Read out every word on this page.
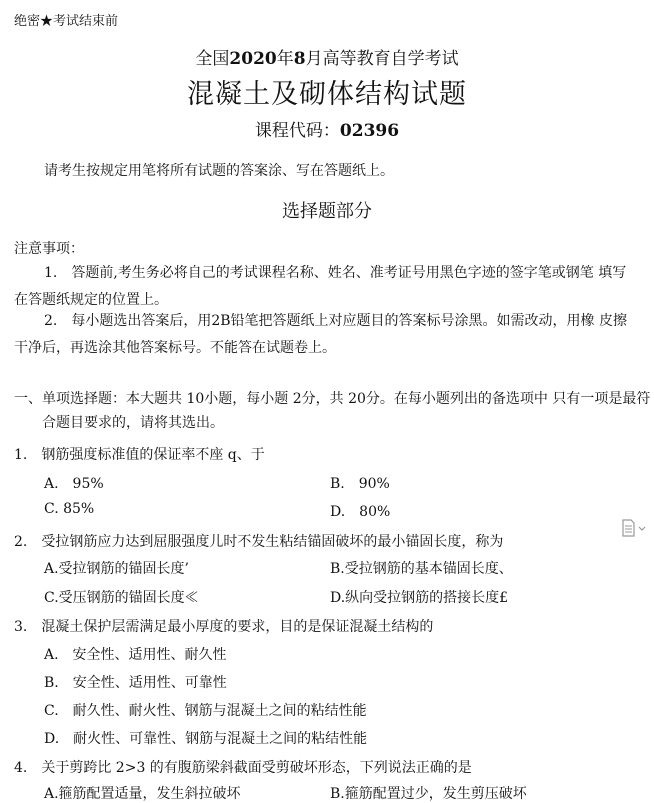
绝密★考试结束前
全国2020年8月高等教育自学考试
混凝土及砌体结构试题
课程代码：02396
请考生按规定用笔将所有试题的答案涂、写在答题纸上。
选择题部分
注意事项：
1.　答题前,考生务必将自己的考试课程名称、姓名、准考证号用黑色字迹的签字笔或钢笔 填写在答题纸规定的位置上。
2.　每小题选出答案后，用2B铅笔把答题纸上对应题目的答案标号涂黑。如需改动，用橡 皮擦干净后，再选涂其他答案标号。不能答在试题卷上。
一、单项选择题：本大题共 10小题，每小题 2分，共 20分。在每小题列出的备选项中 只有一项是最符合题目要求的，请将其选出。
1.　钢筋强度标准值的保证率不座 q、于
A.　95%	B.　90%
C. 85%	D.　80%
2.　受拉钢筋应力达到屈服强度儿时不发生粘结锚固破坏的最小锚固长度，称为
A.受拉钢筋的锚固长度’	B.受拉钢筋的基本锚固长度、
C.受压钢筋的锚固长度≪	D.纵向受拉钢筋的搭接长度£
3.　混凝土保护层需满足最小厚度的要求，目的是保证混凝土结构的
A.　安全性、适用性、耐久性
B.　安全性、适用性、可靠性
C.　耐久性、耐火性、钢筋与混凝土之间的粘结性能
D.　耐火性、可靠性、钢筋与混凝土之间的粘结性能
4.　关于剪跨比 2>3 的有腹筋梁斜截面受剪破坏形态，下列说法正确的是
A.箍筋配置适量，发生斜拉破坏	B.箍筋配置过少，发生剪压破坏
